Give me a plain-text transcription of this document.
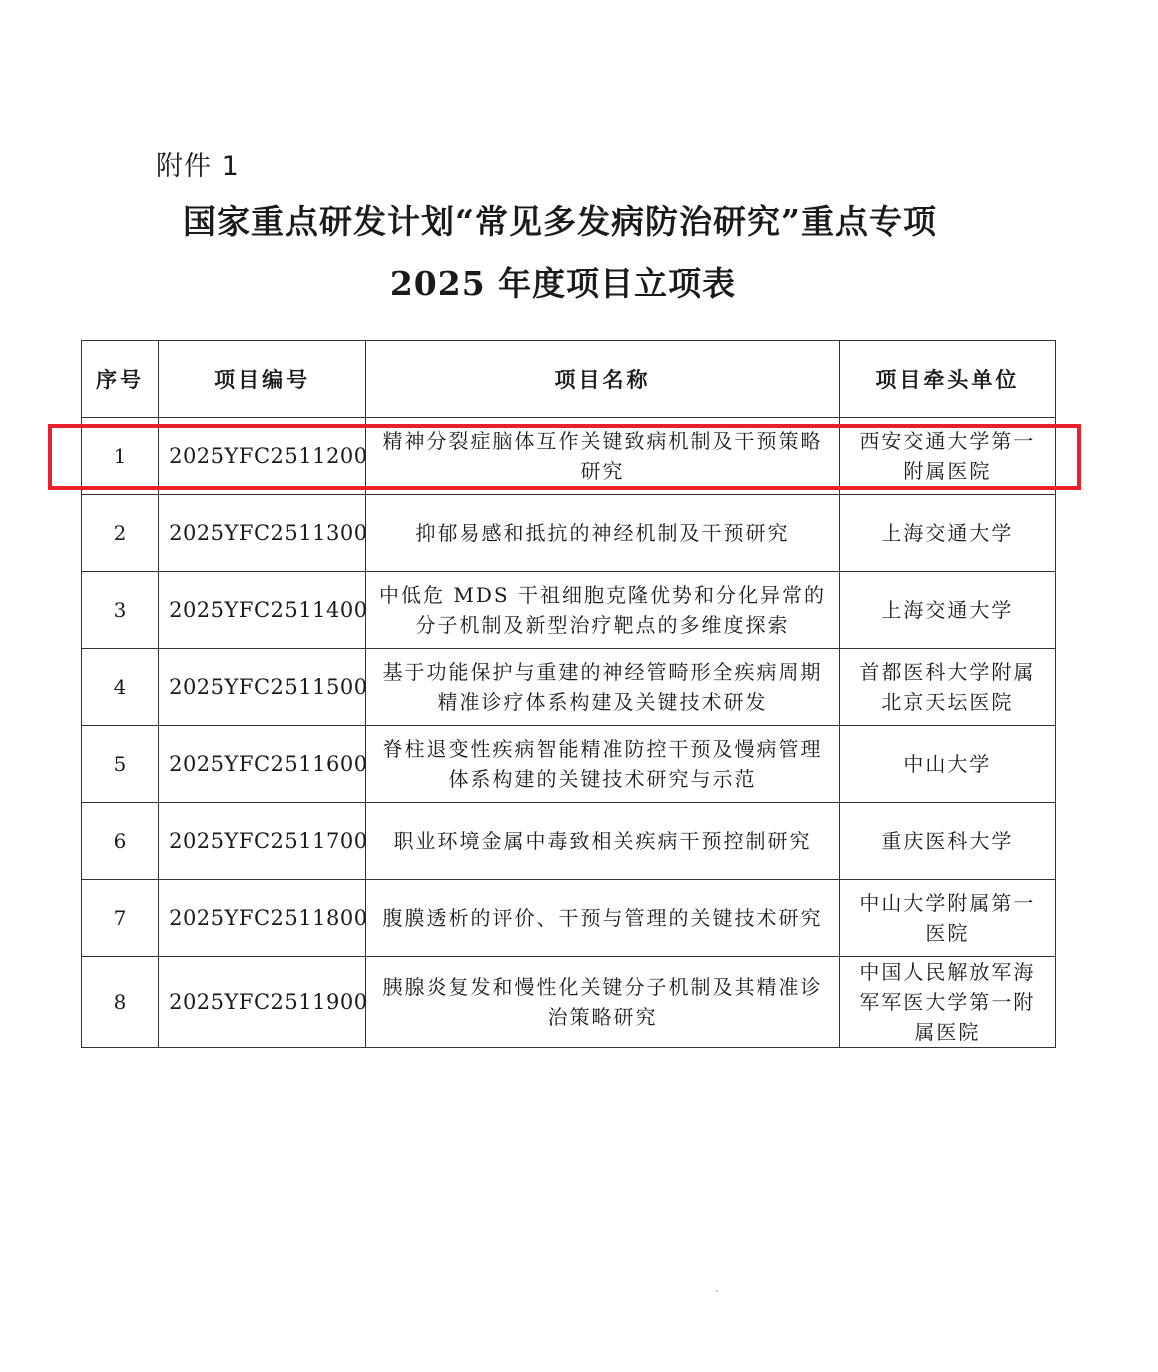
附件 1
国家重点研发计划“常见多发病防治研究”重点专项
2025 年度项目立项表
序号	项目编号	项目名称	项目牵头单位
1	2025YFC2511200	精神分裂症脑体互作关键致病机制及干预策略研究	西安交通大学第一附属医院
2	2025YFC2511300	抑郁易感和抵抗的神经机制及干预研究	上海交通大学
3	2025YFC2511400	中低危 MDS 干祖细胞克隆优势和分化异常的分子机制及新型治疗靶点的多维度探索	上海交通大学
4	2025YFC2511500	基于功能保护与重建的神经管畸形全疾病周期精准诊疗体系构建及关键技术研发	首都医科大学附属北京天坛医院
5	2025YFC2511600	脊柱退变性疾病智能精准防控干预及慢病管理体系构建的关键技术研究与示范	中山大学
6	2025YFC2511700	职业环境金属中毒致相关疾病干预控制研究	重庆医科大学
7	2025YFC2511800	腹膜透析的评价、干预与管理的关键技术研究	中山大学附属第一医院
8	2025YFC2511900	胰腺炎复发和慢性化关键分子机制及其精准诊治策略研究	中国人民解放军海军军医大学第一附属医院
